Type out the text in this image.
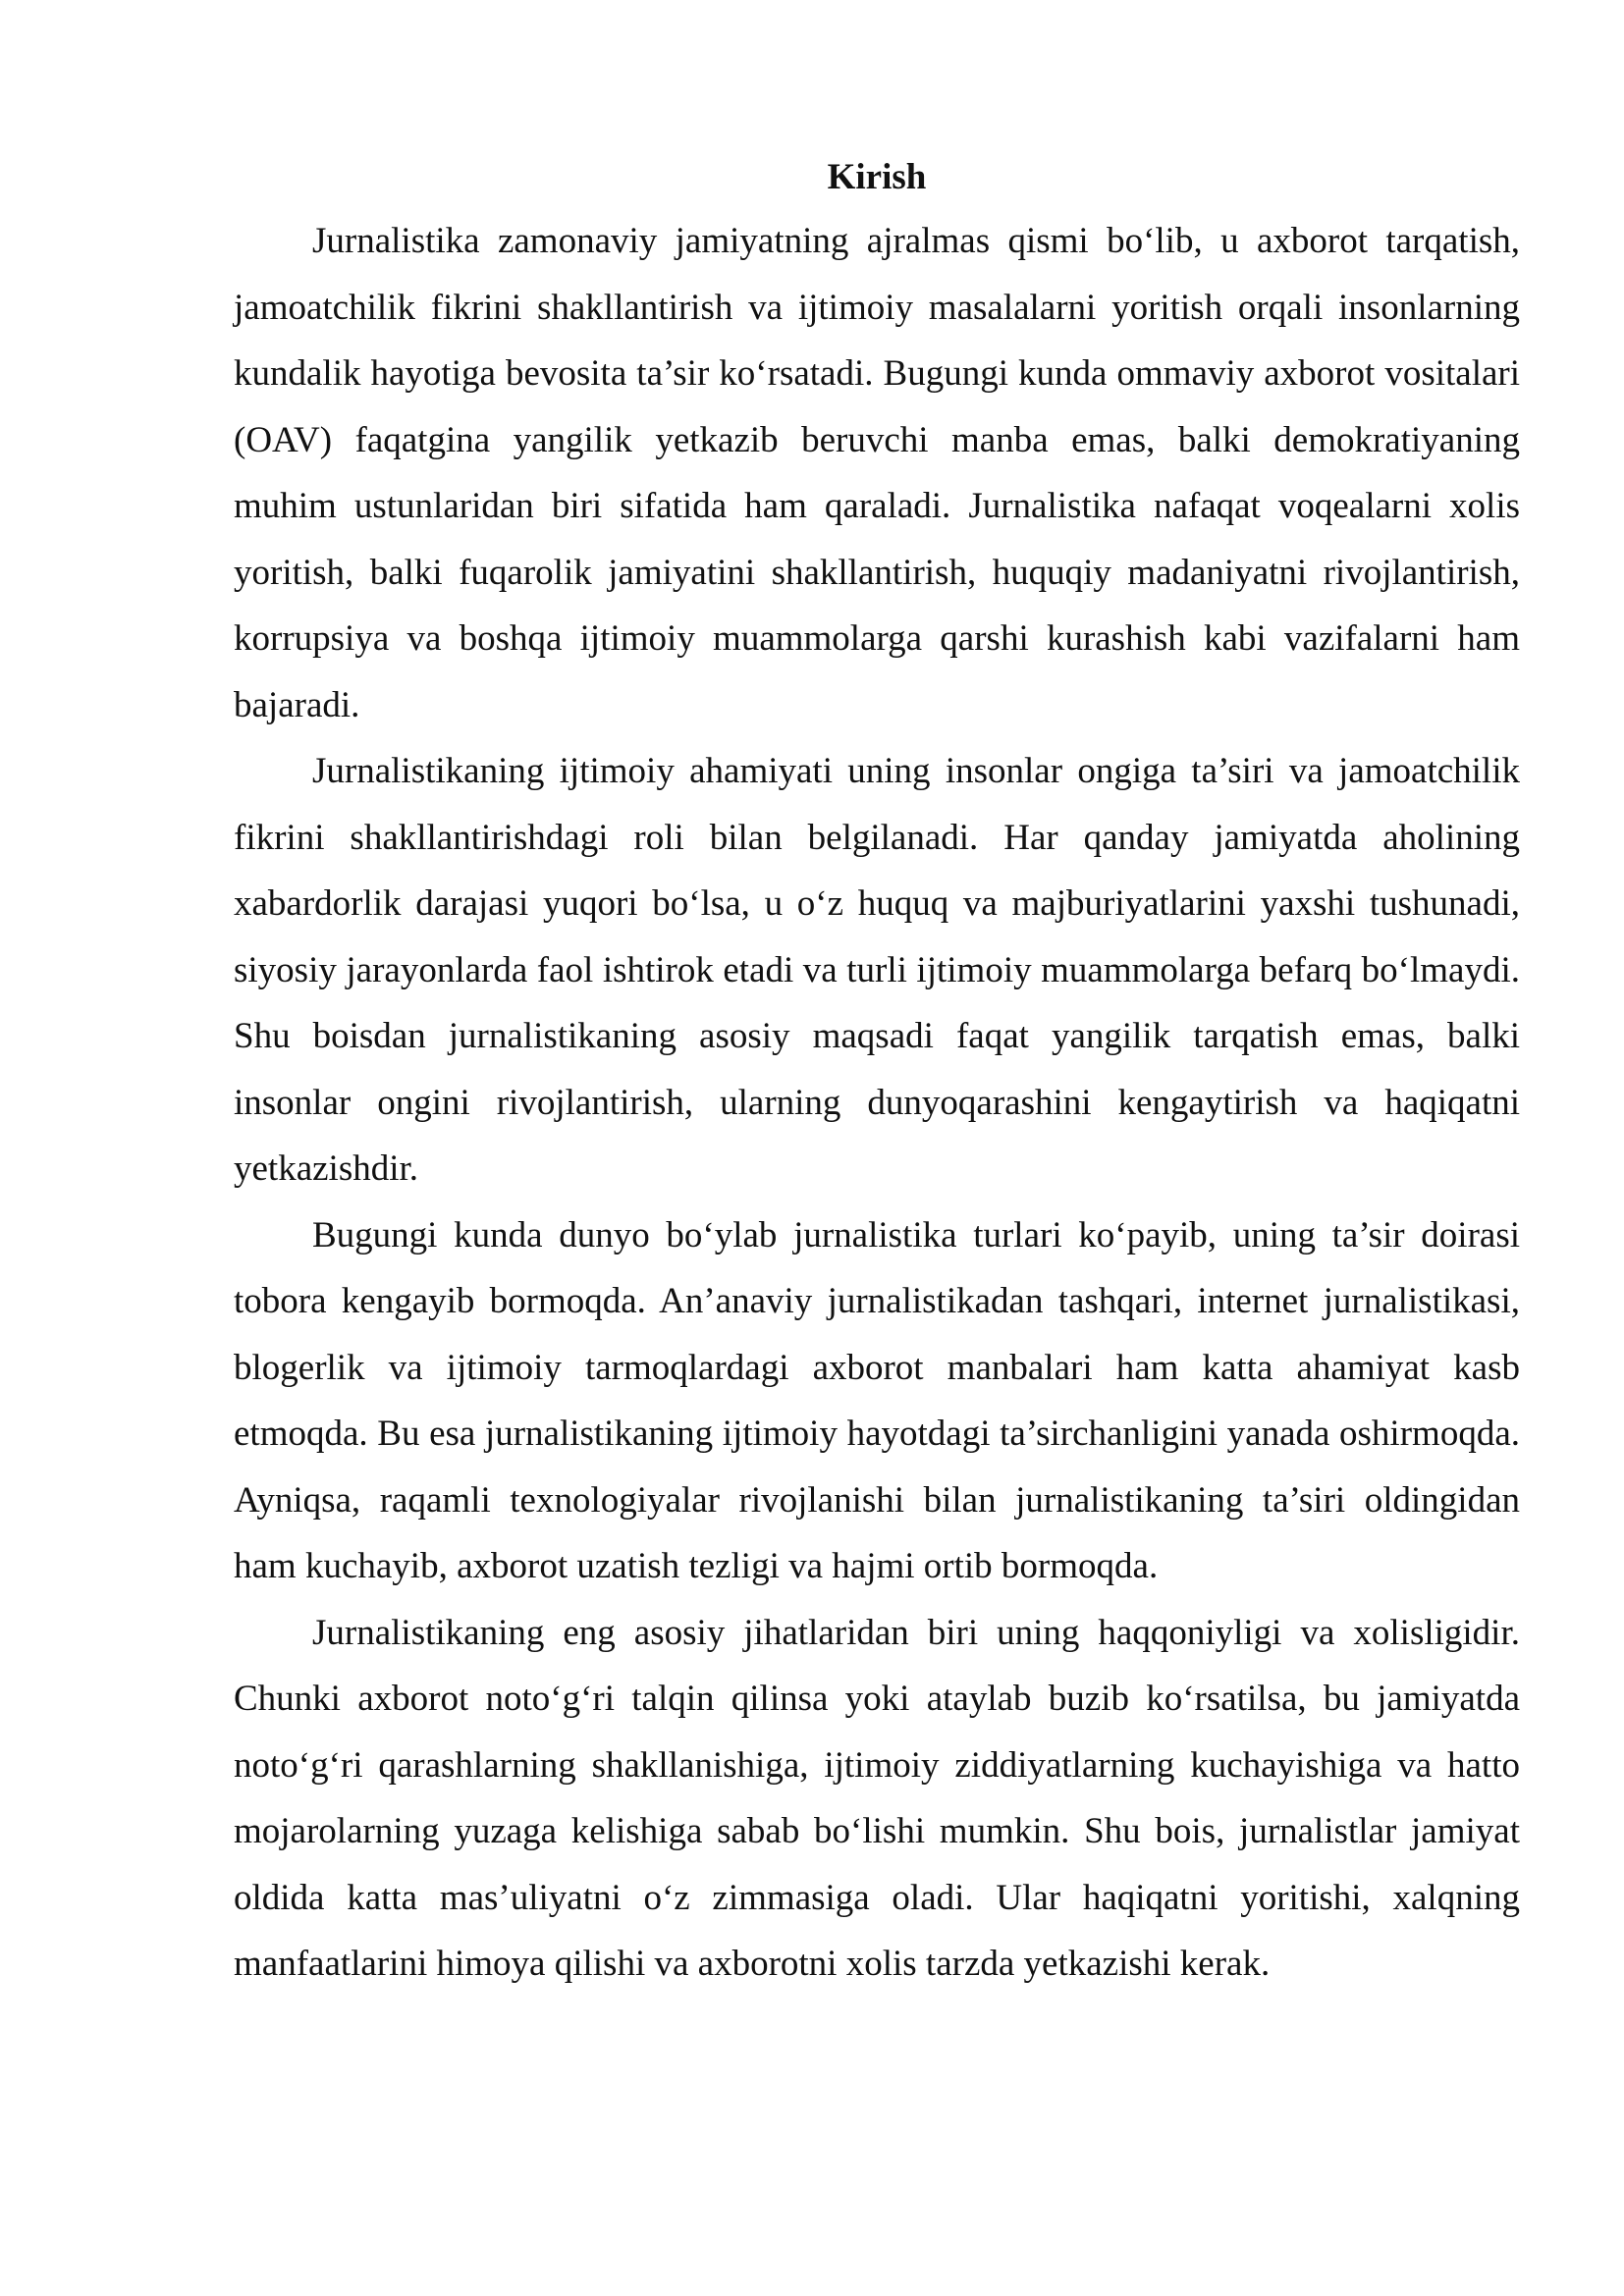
Kirish

Jurnalistika zamonaviy jamiyatning ajralmas qismi bo‘lib, u axborot tarqatish, jamoatchilik fikrini shakllantirish va ijtimoiy masalalarni yoritish orqali insonlarning kundalik hayotiga bevosita ta’sir ko‘rsatadi. Bugungi kunda ommaviy axborot vositalari (OAV) faqatgina yangilik yetkazib beruvchi manba emas, balki demokratiyaning muhim ustunlaridan biri sifatida ham qaraladi. Jurnalistika nafaqat voqealarni xolis yoritish, balki fuqarolik jamiyatini shakllantirish, huquqiy madaniyatni rivojlantirish, korrupsiya va boshqa ijtimoiy muammolarga qarshi kurashish kabi vazifalarni ham bajaradi.

Jurnalistikaning ijtimoiy ahamiyati uning insonlar ongiga ta’siri va jamoatchilik fikrini shakllantirishdagi roli bilan belgilanadi. Har qanday jamiyatda aholining xabardorlik darajasi yuqori bo‘lsa, u o‘z huquq va majburiyatlarini yaxshi tushunadi, siyosiy jarayonlarda faol ishtirok etadi va turli ijtimoiy muammolarga befarq bo‘lmaydi. Shu boisdan jurnalistikaning asosiy maqsadi faqat yangilik tarqatish emas, balki insonlar ongini rivojlantirish, ularning dunyoqarashini kengaytirish va haqiqatni yetkazishdir.

Bugungi kunda dunyo bo‘ylab jurnalistika turlari ko‘payib, uning ta’sir doirasi tobora kengayib bormoqda. An’anaviy jurnalistikadan tashqari, internet jurnalistikasi, blogerlik va ijtimoiy tarmoqlardagi axborot manbalari ham katta ahamiyat kasb etmoqda. Bu esa jurnalistikaning ijtimoiy hayotdagi ta’sirchanligini yanada oshirmoqda. Ayniqsa, raqamli texnologiyalar rivojlanishi bilan jurnalistikaning ta’siri oldingidan ham kuchayib, axborot uzatish tezligi va hajmi ortib bormoqda.

Jurnalistikaning eng asosiy jihatlaridan biri uning haqqoniyligi va xolisligidir. Chunki axborot noto‘g‘ri talqin qilinsa yoki ataylab buzib ko‘rsatilsa, bu jamiyatda noto‘g‘ri qarashlarning shakllanishiga, ijtimoiy ziddiyatlarning kuchayishiga va hatto mojarolarning yuzaga kelishiga sabab bo‘lishi mumkin. Shu bois, jurnalistlar jamiyat oldida katta mas’uliyatni o‘z zimmasiga oladi. Ular haqiqatni yoritishi, xalqning manfaatlarini himoya qilishi va axborotni xolis tarzda yetkazishi kerak.
